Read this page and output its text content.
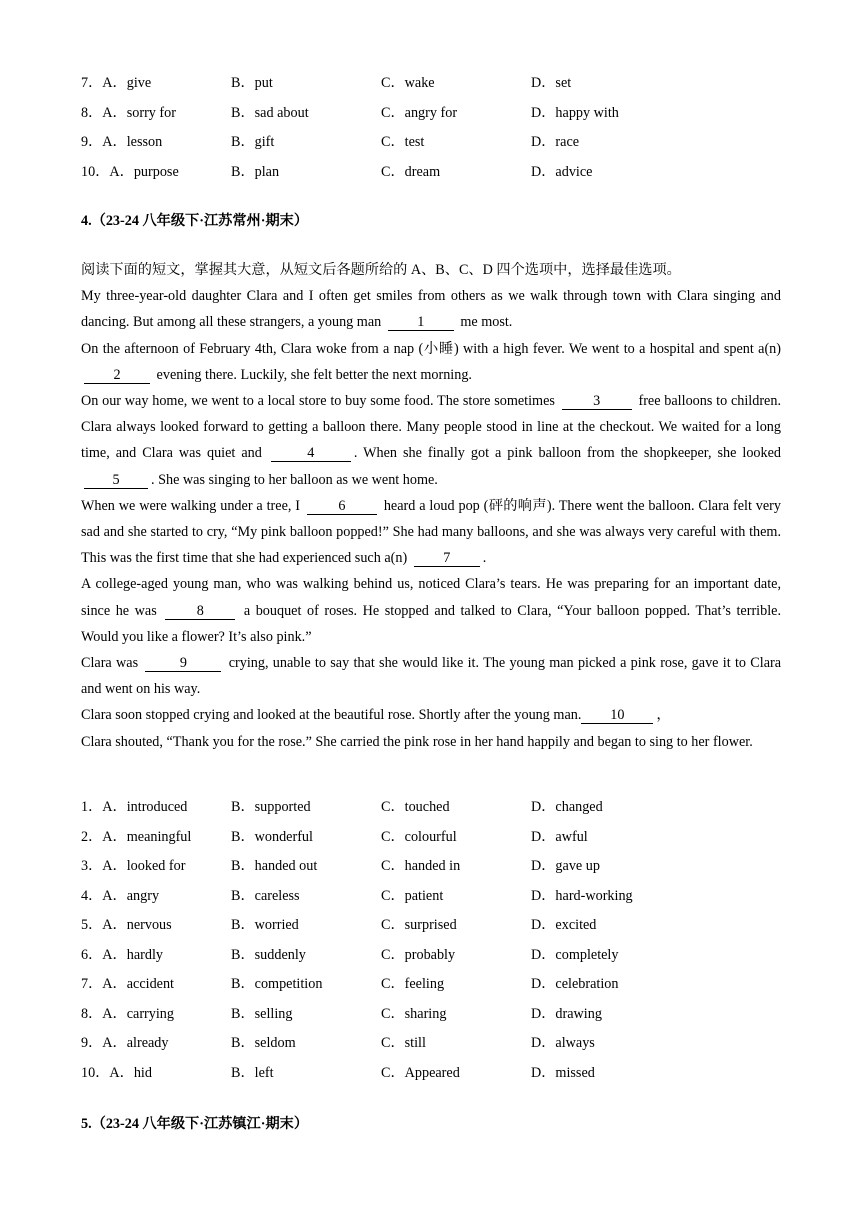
7．A．give	B．put	C．wake	D．set
8．A．sorry for	B．sad about	C．angry for	D．happy with
9．A．lesson	B．gift	C．test	D．race
10．A．purpose	B．plan	C．dream	D．advice
4.（23-24 八年级下·江苏常州·期末）

阅读下面的短文，掌握其大意，从短文后各题所给的 A、B、C、D 四个选项中，选择最佳选项。

My three-year-old daughter Clara and I often get smiles from others as we walk through town with Clara singing and dancing. But among all these strangers, a young man	1	me most.

On the afternoon of February 4th, Clara woke from a nap (小睡) with a high fever. We went to a hospital and spent a(n) 2	evening there. Luckily, she felt better the next morning.

On our way home, we went to a local store to buy some food. The store sometimes	3	free balloons to children. Clara always looked forward to getting a balloon there. Many people stood in line at the checkout. We waited for a long time, and Clara was quiet and	4	. When she finally got a pink balloon from the shopkeeper, she looked 5 . She was singing to her balloon as we went home.

When we were walking under a tree, I	6	heard a loud pop (砰的响声). There went the balloon. Clara felt very sad and she started to cry, “My pink balloon popped!” She had many balloons, and she was always very careful with them. This was the first time that she had experienced such a(n)	7 .

A college-aged young man, who was walking behind us, noticed Clara’s tears. He was preparing for an important date, since he was	8	a bouquet of roses. He stopped and talked to Clara, “Your balloon popped. That’s terrible. Would you like a flower? It’s also pink.”

Clara was	9	crying, unable to say that she would like it. The young man picked a pink rose, gave it to Clara and went on his way.

Clara soon stopped crying and looked at the beautiful rose. Shortly after the young man. 10 ，

Clara shouted, “Thank you for the rose.” She carried the pink rose in her hand happily and began to sing to her flower.

1．A．introduced	B．supported	C．touched	D．changed
2．A．meaningful	B．wonderful	C．colourful	D．awful
3．A．looked for	B．handed out	C．handed in	D．gave up
4．A．angry	B．careless	C．patient	D．hard-working
5．A．nervous	B．worried	C．surprised	D．excited
6．A．hardly	B．suddenly	C．probably	D．completely
7．A．accident	B．competition	C．feeling	D．celebration
8．A．carrying	B．selling	C．sharing	D．drawing
9．A．already	B．seldom	C．still	D．always
10．A．hid	B．left	C．Appeared	D．missed
5.（23-24 八年级下·江苏镇江·期末）
